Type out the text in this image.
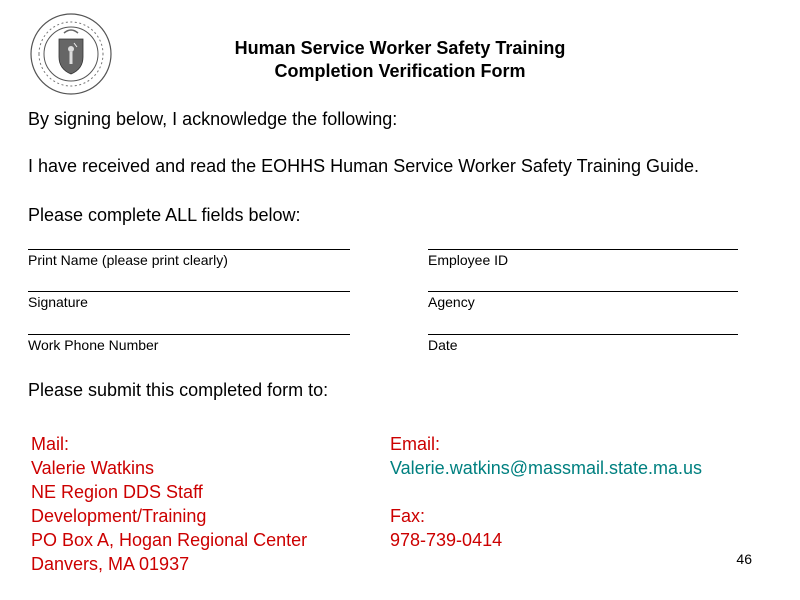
Human Service Worker Safety Training
Completion Verification Form
By signing below, I acknowledge the following:
I have received and read the EOHHS Human Service Worker Safety Training Guide.
Please complete ALL fields below:
Print Name (please print clearly)	Employee ID
Signature	Agency
Work Phone Number	Date
Please submit this completed form to:
Mail:
Valerie Watkins
NE Region DDS Staff
Development/Training
PO Box A, Hogan Regional Center
Danvers, MA 01937
Email:
Valerie.watkins@massmail.state.ma.us
Fax:
978-739-0414
46
